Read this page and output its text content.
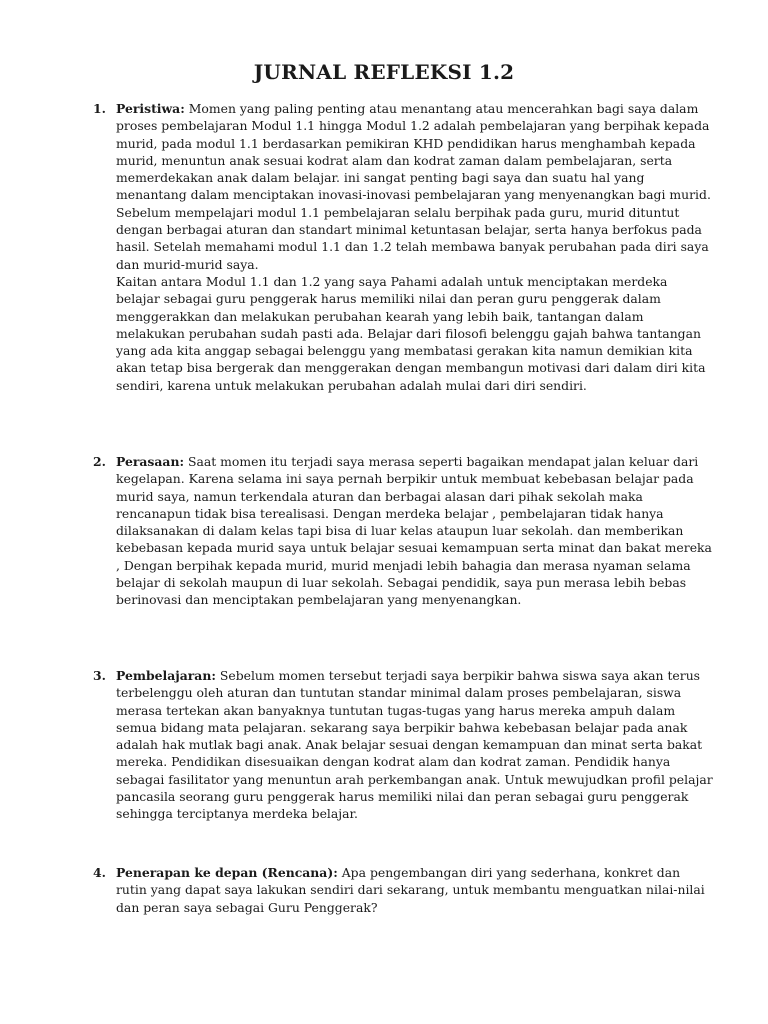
JURNAL REFLEKSI 1.2
1. Peristiwa: Momen yang paling penting atau menantang atau mencerahkan bagi saya dalam proses pembelajaran Modul 1.1 hingga Modul 1.2 adalah pembelajaran yang berpihak kepada murid, pada modul 1.1 berdasarkan pemikiran KHD pendidikan harus menghambah kepada murid, menuntun anak sesuai kodrat alam dan kodrat zaman dalam pembelajaran, serta memerdekakan anak dalam belajar. ini sangat penting bagi saya dan suatu hal yang menantang dalam menciptakan inovasi-inovasi pembelajaran yang menyenangkan bagi murid. Sebelum mempelajari modul 1.1 pembelajaran selalu berpihak pada guru, murid dituntut dengan berbagai aturan dan standart minimal ketuntasan belajar, serta hanya berfokus pada hasil. Setelah memahami modul 1.1 dan 1.2 telah membawa banyak perubahan pada diri saya dan murid-murid saya.
Kaitan antara Modul 1.1 dan 1.2 yang saya Pahami adalah untuk menciptakan merdeka belajar sebagai guru penggerak harus memiliki nilai dan peran guru penggerak dalam menggerakkan dan melakukan perubahan kearah yang lebih baik, tantangan dalam melakukan perubahan sudah pasti ada. Belajar dari filosofi belenggu gajah bahwa tantangan yang ada kita anggap sebagai belenggu yang membatasi gerakan kita namun demikian kita akan tetap bisa bergerak dan menggerakan dengan membangun motivasi dari dalam diri kita sendiri, karena untuk melakukan perubahan adalah mulai dari diri sendiri.
2. Perasaan: Saat momen itu terjadi saya merasa seperti bagaikan mendapat jalan keluar dari kegelapan. Karena selama ini saya pernah berpikir untuk membuat kebebasan belajar pada murid saya, namun terkendala aturan dan berbagai alasan dari pihak sekolah maka rencanapun tidak bisa terealisasi. Dengan merdeka belajar , pembelajaran tidak hanya dilaksanakan di dalam kelas tapi bisa di luar kelas ataupun luar sekolah. dan memberikan kebebasan kepada murid saya untuk belajar sesuai kemampuan serta minat dan bakat mereka , Dengan berpihak kepada murid, murid menjadi lebih bahagia dan merasa nyaman selama belajar di sekolah maupun di luar sekolah. Sebagai pendidik, saya pun merasa lebih bebas berinovasi dan menciptakan pembelajaran yang menyenangkan.
3. Pembelajaran: Sebelum momen tersebut terjadi saya berpikir bahwa siswa saya akan terus terbelenggu oleh aturan dan tuntutan standar minimal dalam proses pembelajaran, siswa merasa tertekan akan banyaknya tuntutan tugas-tugas yang harus mereka ampuh dalam semua bidang mata pelajaran. sekarang saya berpikir bahwa kebebasan belajar pada anak adalah hak mutlak bagi anak. Anak belajar sesuai dengan kemampuan dan minat serta bakat mereka. Pendidikan disesuaikan dengan kodrat alam dan kodrat zaman. Pendidik hanya sebagai fasilitator yang menuntun arah perkembangan anak. Untuk mewujudkan profil pelajar pancasila seorang guru penggerak harus memiliki nilai dan peran sebagai guru penggerak sehingga terciptanya merdeka belajar.
4. Penerapan ke depan (Rencana): Apa pengembangan diri yang sederhana, konkret dan rutin yang dapat saya lakukan sendiri dari sekarang, untuk membantu menguatkan nilai-nilai dan peran saya sebagai Guru Penggerak?
